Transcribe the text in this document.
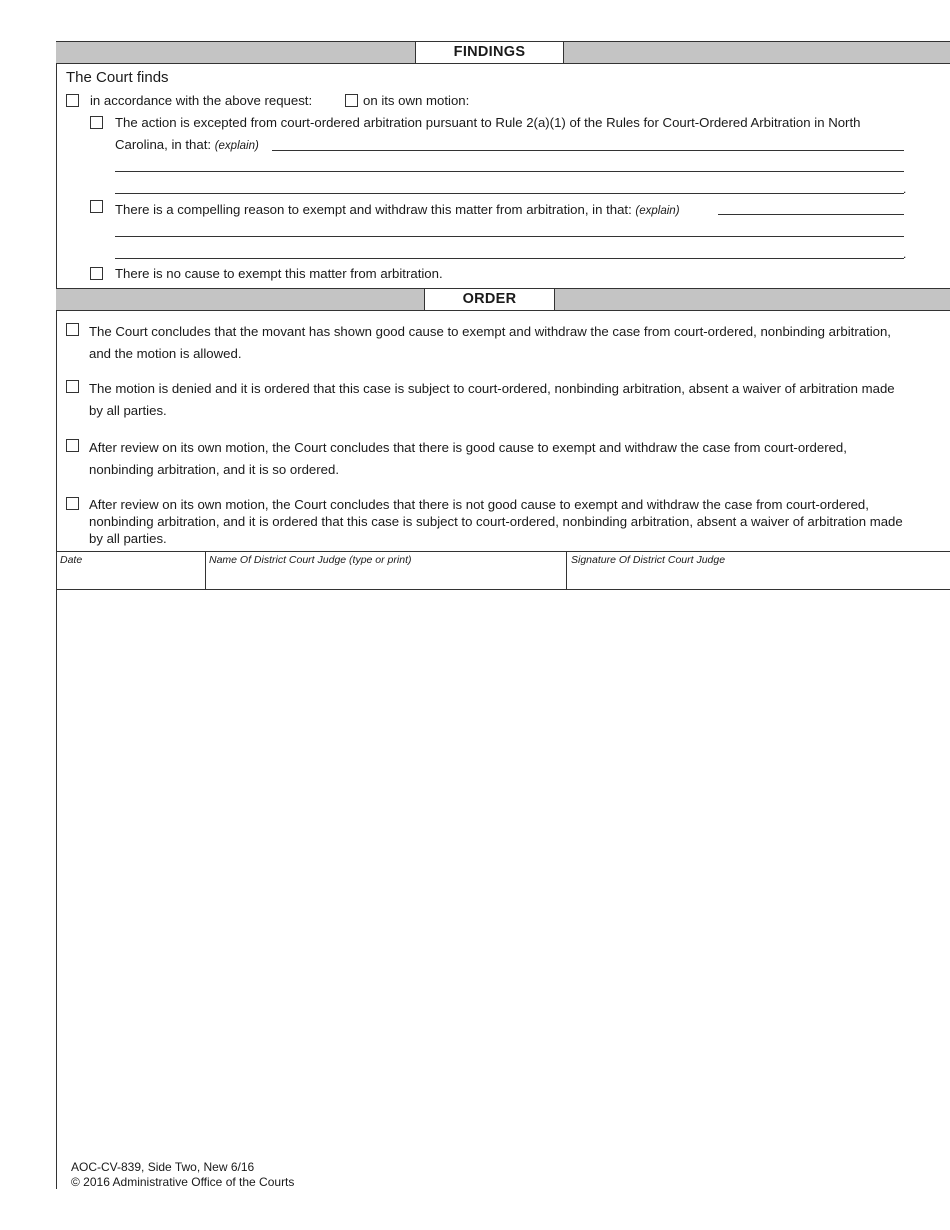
FINDINGS
The Court finds
in accordance with the above request:	on its own motion:
The action is excepted from court-ordered arbitration pursuant to Rule 2(a)(1) of the Rules for Court-Ordered Arbitration in North
Carolina, in that: (explain)
.
There is a compelling reason to exempt and withdraw this matter from arbitration, in that: (explain)
.
There is no cause to exempt this matter from arbitration.
ORDER
The Court concludes that the movant has shown good cause to exempt and withdraw the case from court-ordered, nonbinding arbitration, and the motion is allowed.
The motion is denied and it is ordered that this case is subject to court-ordered, nonbinding arbitration, absent a waiver of arbitration made by all parties.
After review on its own motion, the Court concludes that there is good cause to exempt and withdraw the case from court-ordered, nonbinding arbitration, and it is so ordered.
After review on its own motion, the Court concludes that there is not good cause to exempt and withdraw the case from court-ordered, nonbinding arbitration, and it is ordered that this case is subject to court-ordered, nonbinding arbitration, absent a waiver of arbitration made by all parties.
Date	Name Of District Court Judge (type or print)	Signature Of District Court Judge
AOC-CV-839, Side Two, New 6/16
© 2016 Administrative Office of the Courts
